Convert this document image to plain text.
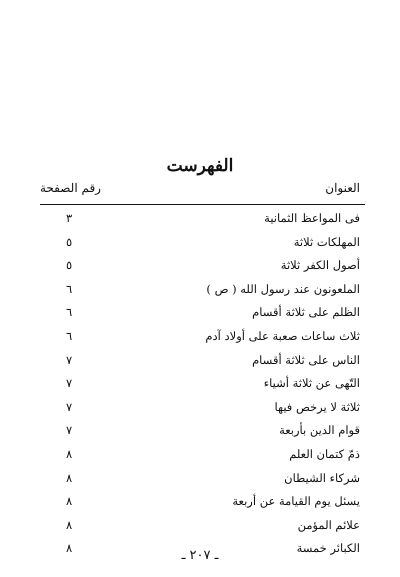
الفهرست
العنوان
رقم الصفحة
فى المواعظ الثمانية
٣
المهلكات ثلاثة
٥
أصول الكفر ثلاثة
٥
الملعونون عند رسول الله ( ص )
٦
الظلم على ثلاثة أقسام
٦
ثلاث ساعات صعبة على أولاد آدم
٦
الناس على ثلاثة أقسام
٧
التّهى عن ثلاثة أشياء
٧
ثلاثة لا يرخص فيها
٧
قوام الدين بأربعة
٧
ذمّ كتمان العلم
٨
شركاء الشيطان
٨
يسئل يوم القيامة عن أربعة
٨
علائم المؤمن
٨
الكبائر خمسة
٨	ـ ٢٠٧ ـ
